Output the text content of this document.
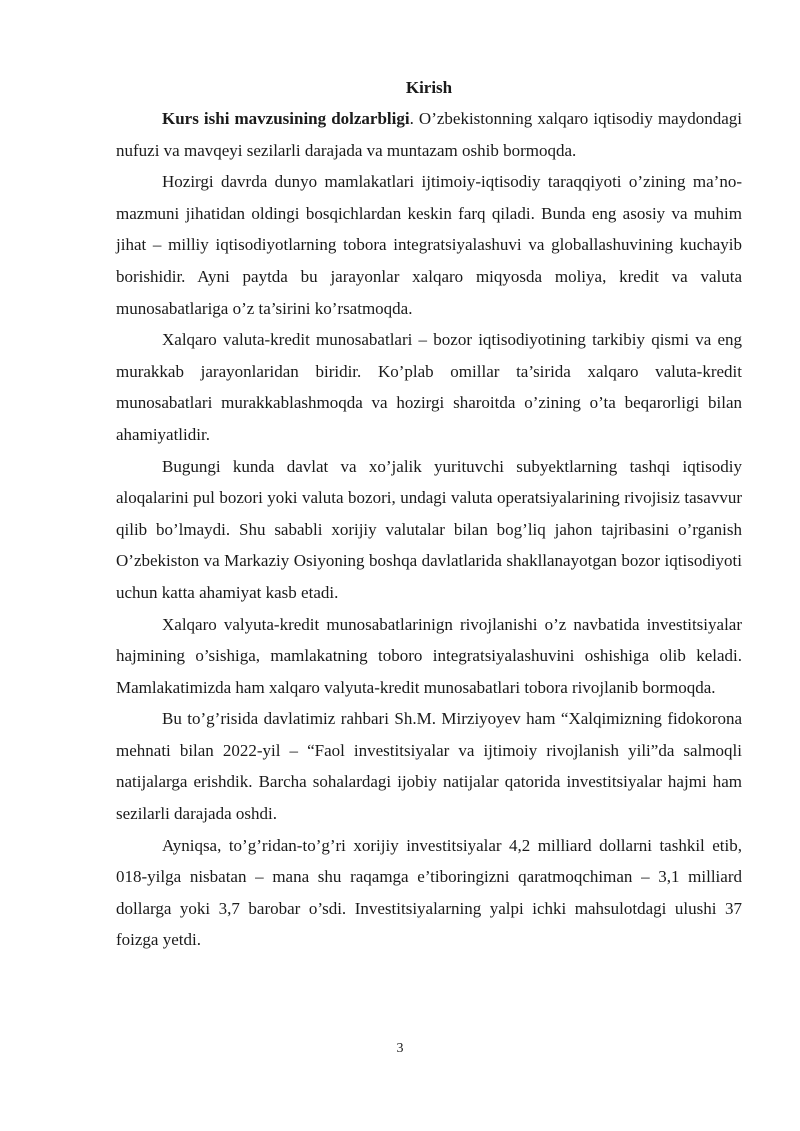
Kirish

Kurs ishi mavzusining dolzarbligi. O’zbekistonning xalqaro iqtisodiy maydondagi nufuzi va mavqeyi sezilarli darajada va muntazam oshib bormoqda.

Hozirgi davrda dunyo mamlakatlari ijtimoiy-iqtisodiy taraqqiyoti o’zining ma’no-mazmuni jihatidan oldingi bosqichlardan keskin farq qiladi. Bunda eng asosiy va muhim jihat – milliy iqtisodiyotlarning tobora integratsiyalashuvi va globallashuvining kuchayib borishidir. Ayni paytda bu jarayonlar xalqaro miqyosda moliya, kredit va valuta munosabatlariga o’z ta’sirini ko’rsatmoqda.

Xalqaro valuta-kredit munosabatlari – bozor iqtisodiyotining tarkibiy qismi va eng murakkab jarayonlaridan biridir. Ko’plab omillar ta’sirida xalqaro valuta-kredit munosabatlari murakkablashmoqda va hozirgi sharoitda o’zining o’ta beqarorligi bilan ahamiyatlidir.

Bugungi kunda davlat va xo’jalik yurituvchi subyektlarning tashqi iqtisodiy aloqalarini pul bozori yoki valuta bozori, undagi valuta operatsiyalarining rivojisiz tasavvur qilib bo’lmaydi. Shu sababli xorijiy valutalar bilan bog’liq jahon tajribasini o’rganish O’zbekiston va Markaziy Osiyoning boshqa davlatlarida shakllanayotgan bozor iqtisodiyoti uchun katta ahamiyat kasb etadi.

Xalqaro valyuta-kredit munosabatlarinign rivojlanishi o’z navbatida investitsiyalar hajmining o’sishiga, mamlakatning toboro integratsiyalashuvini oshishiga olib keladi. Mamlakatimizda ham xalqaro valyuta-kredit munosabatlari tobora rivojlanib bormoqda.

Bu to’g’risida davlatimiz rahbari Sh.M. Mirziyoyev ham “Xalqimizning fidokorona mehnati bilan 2022-yil – “Faol investitsiyalar va ijtimoiy rivojlanish yili”da salmoqli natijalarga erishdik. Barcha sohalardagi ijobiy natijalar qatorida investitsiyalar hajmi ham sezilarli darajada oshdi.

Ayniqsa, to’g’ridan-to’g’ri xorijiy investitsiyalar 4,2 milliard dollarni tashkil etib, 018-yilga nisbatan – mana shu raqamga e’tiboringizni qaratmoqchiman – 3,1 milliard dollarga yoki 3,7 barobar o’sdi. Investitsiyalarning yalpi ichki mahsulotdagi ulushi 37 foizga yetdi.

3
